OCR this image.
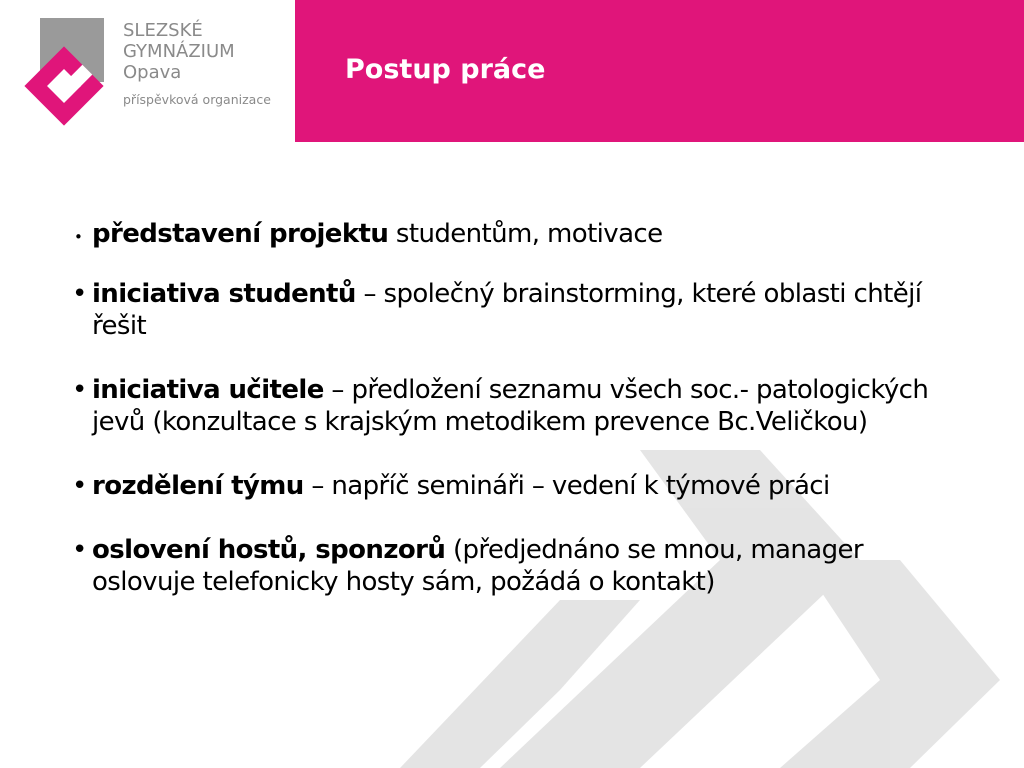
SLEZSKÉ
GYMNÁZIUM
Opava
příspěvková organizace
Postup práce
• představení projektu studentům, motivace
• iniciativa studentů – společný brainstorming, které oblasti chtějí řešit
• iniciativa učitele – předložení seznamu všech soc.- patologických jevů (konzultace s krajským metodikem prevence Bc.Veličkou)
• rozdělení týmu – napříč semináři – vedení k týmové práci
• oslovení hostů, sponzorů (předjednáno se mnou, manager oslovuje telefonicky hosty sám, požádá o kontakt)
